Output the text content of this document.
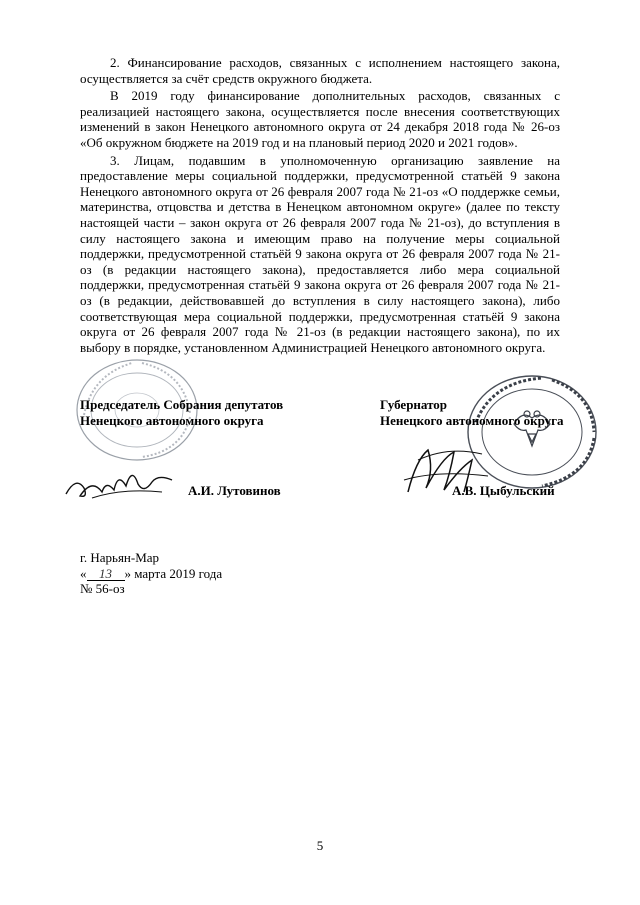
2. Финансирование расходов, связанных с исполнением настоящего закона, осуществляется за счёт средств окружного бюджета.

В 2019 году финансирование дополнительных расходов, связанных с реализацией настоящего закона, осуществляется после внесения соответствующих изменений в закон Ненецкого автономного округа от 24 декабря 2018 года № 26-оз «Об окружном бюджете на 2019 год и на плановый период 2020 и 2021 годов».

3. Лицам, подавшим в уполномоченную организацию заявление на предоставление меры социальной поддержки, предусмотренной статьёй 9 закона Ненецкого автономного округа от 26 февраля 2007 года № 21-оз «О поддержке семьи, материнства, отцовства и детства в Ненецком автономном округе» (далее по тексту настоящей части – закон округа от 26 февраля 2007 года № 21-оз), до вступления в силу настоящего закона и имеющим право на получение меры социальной поддержки, предусмотренной статьёй 9 закона округа от 26 февраля 2007 года № 21-оз (в редакции настоящего закона), предоставляется либо мера социальной поддержки, предусмотренная статьёй 9 закона округа от 26 февраля 2007 года № 21-оз (в редакции, действовавшей до вступления в силу настоящего закона), либо соответствующая мера социальной поддержки, предусмотренная статьёй 9 закона округа от 26 февраля 2007 года № 21-оз (в редакции настоящего закона), по их выбору в порядке, установленном Администрацией Ненецкого автономного округа.

Председатель Собрания депутатов
Ненецкого автономного округа
Губернатор
Ненецкого автономного округа
А.И. Лутовинов	А.В. Цыбульский
г. Нарьян-Мар
« 13 » марта 2019 года
№ 56-оз
5
